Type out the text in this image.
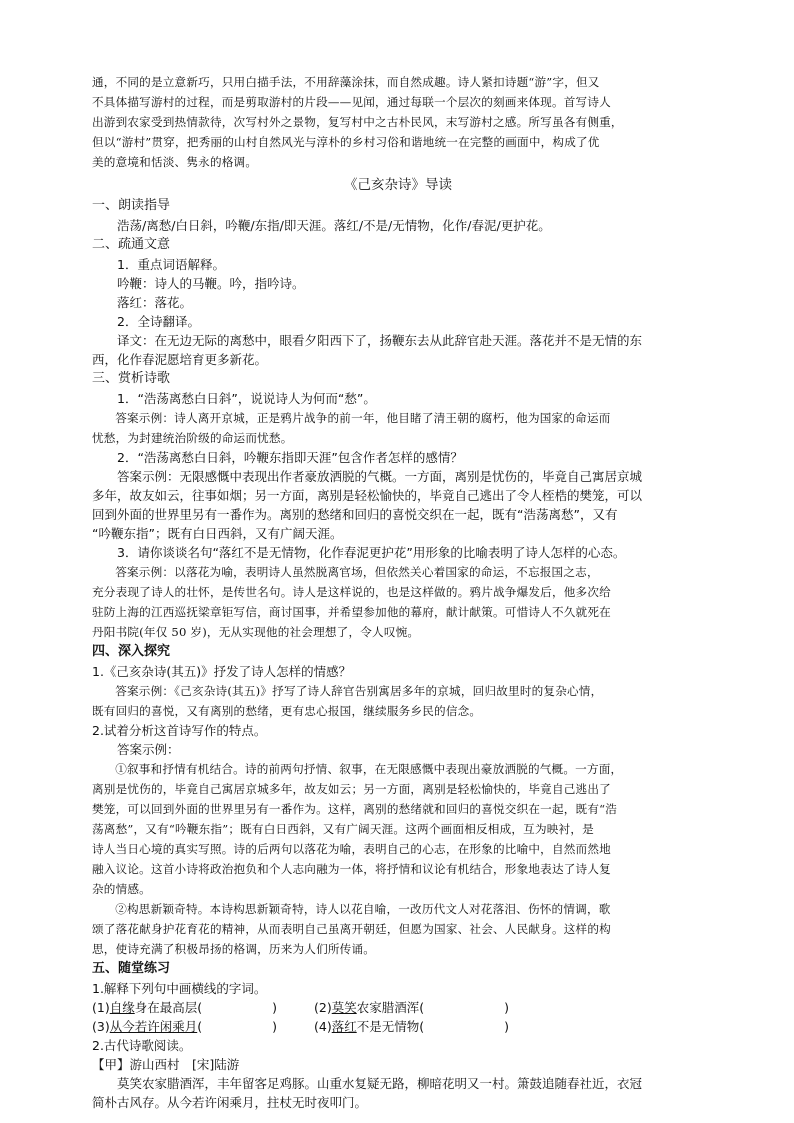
通，不同的是立意新巧，只用白描手法，不用辞藻涂抹，而自然成趣。诗人紧扣诗题“游”字，但又

不具体描写游村的过程，而是剪取游村的片段——见闻，通过每联一个层次的刻画来体现。首写诗人

出游到农家受到热情款待，次写村外之景物，复写村中之古朴民风，末写游村之感。所写虽各有侧重，

但以“游村”贯穿，把秀丽的山村自然风光与淳朴的乡村习俗和谐地统一在完整的画面中，构成了优

美的意境和恬淡、隽永的格调。

《己亥杂诗》导读

一、朗读指导

浩荡/离愁/白日斜，吟鞭/东指/即天涯。落红/不是/无情物，化作/春泥/更护花。

二、疏通文意

1．重点词语解释。

吟鞭：诗人的马鞭。吟，指吟诗。

落红：落花。

2．全诗翻译。

译文：在无边无际的离愁中，眼看夕阳西下了，扬鞭东去从此辞官赴天涯。落花并不是无情的东

西，化作春泥愿培育更多新花。

三、赏析诗歌

1．“浩荡离愁白日斜”，说说诗人为何而“愁”。

答案示例：诗人离开京城，正是鸦片战争的前一年，他目睹了清王朝的腐朽，他为国家的命运而

忧愁，为封建统治阶级的命运而忧愁。

2．“浩荡离愁白日斜，吟鞭东指即天涯”包含作者怎样的感情？

答案示例：无限感慨中表现出作者豪放洒脱的气概。一方面，离别是忧伤的，毕竟自己寓居京城

多年，故友如云，往事如烟；另一方面，离别是轻松愉快的，毕竟自己逃出了令人桎梏的樊笼，可以

回到外面的世界里另有一番作为。离别的愁绪和回归的喜悦交织在一起，既有“浩荡离愁”，又有

“吟鞭东指”；既有白日西斜，又有广阔天涯。

3．请你谈谈名句“落红不是无情物，化作春泥更护花”用形象的比喻表明了诗人怎样的心态。

答案示例：以落花为喻，表明诗人虽然脱离官场，但依然关心着国家的命运，不忘报国之志，

充分表现了诗人的壮怀，是传世名句。诗人是这样说的，也是这样做的。鸦片战争爆发后，他多次给

驻防上海的江西巡抚梁章钜写信，商讨国事，并希望参加他的幕府，献计献策。可惜诗人不久就死在

丹阳书院(年仅 50 岁)，无从实现他的社会理想了，令人叹惋。

四、深入探究

1.《己亥杂诗(其五)》抒发了诗人怎样的情感？

答案示例：《己亥杂诗(其五)》抒写了诗人辞官告别寓居多年的京城，回归故里时的复杂心情，

既有回归的喜悦，又有离别的愁绪，更有忠心报国，继续服务乡民的信念。

2.试着分析这首诗写作的特点。

答案示例：

①叙事和抒情有机结合。诗的前两句抒情、叙事，在无限感慨中表现出豪放洒脱的气概。一方面，

离别是忧伤的，毕竟自己寓居京城多年，故友如云；另一方面，离别是轻松愉快的，毕竟自己逃出了

樊笼，可以回到外面的世界里另有一番作为。这样，离别的愁绪就和回归的喜悦交织在一起，既有“浩

荡离愁”，又有“吟鞭东指”；既有白日西斜，又有广阔天涯。这两个画面相反相成，互为映衬，是

诗人当日心境的真实写照。诗的后两句以落花为喻，表明自己的心志，在形象的比喻中，自然而然地

融入议论。这首小诗将政治抱负和个人志向融为一体，将抒情和议论有机结合，形象地表达了诗人复

杂的情感。

②构思新颖奇特。本诗构思新颖奇特，诗人以花自喻，一改历代文人对花落泪、伤怀的情调，歌

颂了落花献身护花育花的精神，从而表明自己虽离开朝廷，但愿为国家、社会、人民献身。这样的构

思，使诗充满了积极昂扬的格调，历来为人们所传诵。

五、随堂练习

1.解释下列句中画横线的字词。

(1)自缘身在最高层(	)	(2)莫笑农家腊酒浑(	)
(3)从今若许闲乘月(	)	(4)落红不是无情物(	)

2.古代诗歌阅读。

【甲】游山西村　[宋]陆游

莫笑农家腊酒浑，丰年留客足鸡豚。山重水复疑无路，柳暗花明又一村。箫鼓追随春社近，衣冠

简朴古风存。从今若许闲乘月，拄杖无时夜叩门。
